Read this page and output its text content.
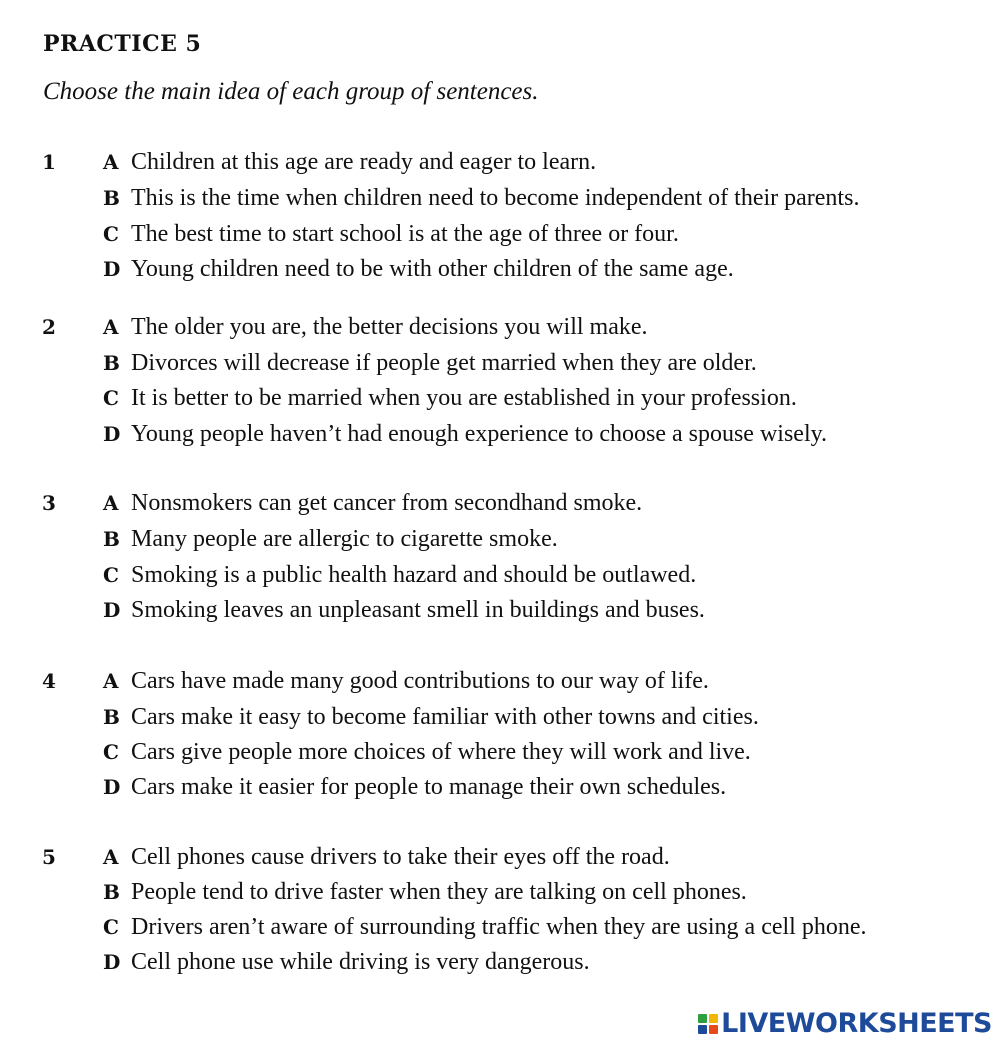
PRACTICE 5
Choose the main idea of each group of sentences.
1	A Children at this age are ready and eager to learn.
B This is the time when children need to become independent of their parents.
C The best time to start school is at the age of three or four.
D Young children need to be with other children of the same age.
2	A The older you are, the better decisions you will make.
B Divorces will decrease if people get married when they are older.
C It is better to be married when you are established in your profession.
D Young people haven’t had enough experience to choose a spouse wisely.
3	A Nonsmokers can get cancer from secondhand smoke.
B Many people are allergic to cigarette smoke.
C Smoking is a public health hazard and should be outlawed.
D Smoking leaves an unpleasant smell in buildings and buses.
4	A Cars have made many good contributions to our way of life.
B Cars make it easy to become familiar with other towns and cities.
C Cars give people more choices of where they will work and live.
D Cars make it easier for people to manage their own schedules.
5	A Cell phones cause drivers to take their eyes off the road.
B People tend to drive faster when they are talking on cell phones.
C Drivers aren’t aware of surrounding traffic when they are using a cell phone.
D Cell phone use while driving is very dangerous.
LIVEWORKSHEETS
